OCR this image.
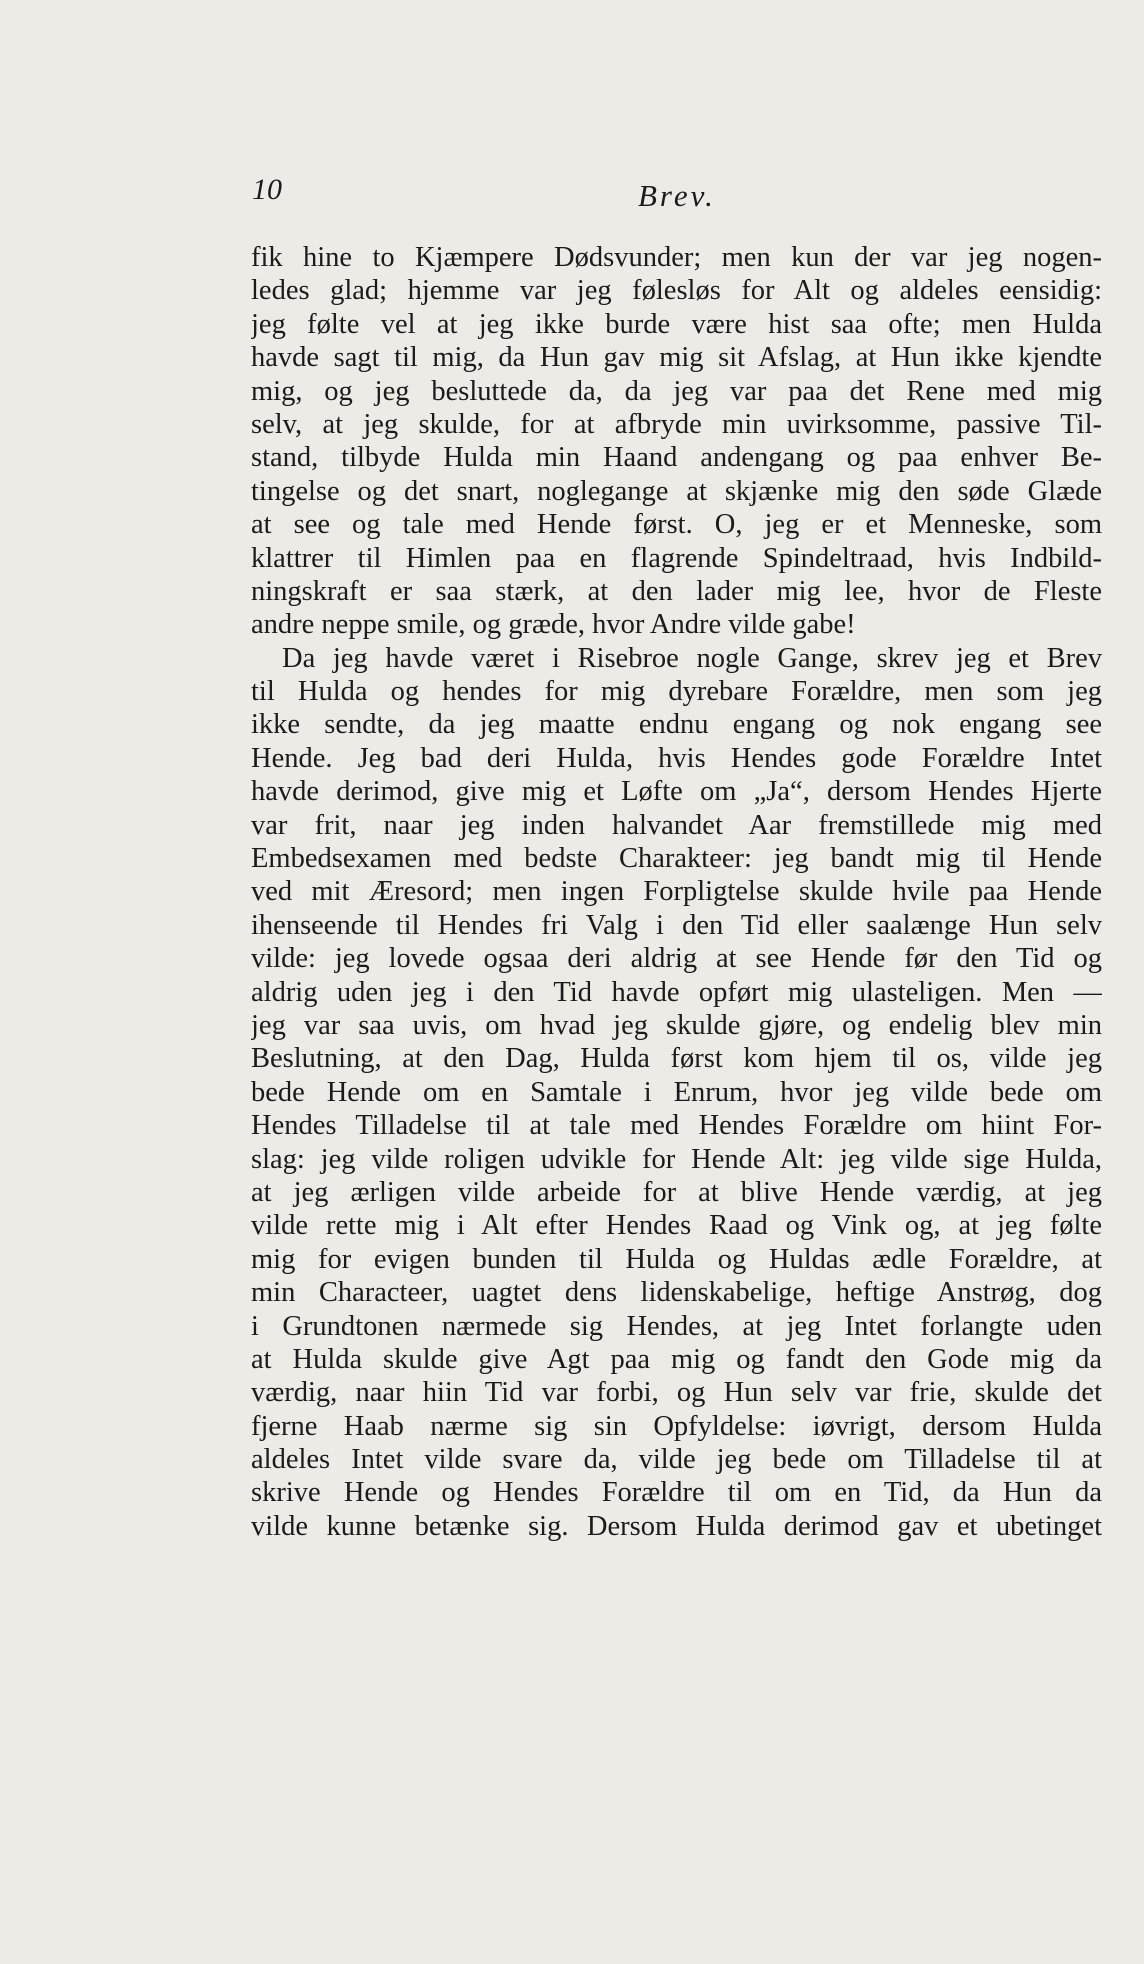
10	Brev.
fik hine to Kjæmpere Dødsvunder; men kun der var jeg nogen-
ledes glad; hjemme var jeg følesløs for Alt og aldeles eensidig:
jeg følte vel at jeg ikke burde være hist saa ofte; men Hulda
havde sagt til mig, da Hun gav mig sit Afslag, at Hun ikke kjendte
mig, og jeg besluttede da, da jeg var paa det Rene med mig
selv, at jeg skulde, for at afbryde min uvirksomme, passive Til-
stand, tilbyde Hulda min Haand andengang og paa enhver Be-
tingelse og det snart, noglegange at skjænke mig den søde Glæde
at see og tale med Hende først. O, jeg er et Menneske, som
klattrer til Himlen paa en flagrende Spindeltraad, hvis Indbild-
ningskraft er saa stærk, at den lader mig lee, hvor de Fleste
andre neppe smile, og græde, hvor Andre vilde gabe!
Da jeg havde været i Risebroe nogle Gange, skrev jeg et Brev
til Hulda og hendes for mig dyrebare Forældre, men som jeg
ikke sendte, da jeg maatte endnu engang og nok engang see
Hende. Jeg bad deri Hulda, hvis Hendes gode Forældre Intet
havde derimod, give mig et Løfte om „Ja“, dersom Hendes Hjerte
var frit, naar jeg inden halvandet Aar fremstillede mig med
Embedsexamen med bedste Charakteer: jeg bandt mig til Hende
ved mit Æresord; men ingen Forpligtelse skulde hvile paa Hende
ihenseende til Hendes fri Valg i den Tid eller saalænge Hun selv
vilde: jeg lovede ogsaa deri aldrig at see Hende før den Tid og
aldrig uden jeg i den Tid havde opført mig ulasteligen. Men —
jeg var saa uvis, om hvad jeg skulde gjøre, og endelig blev min
Beslutning, at den Dag, Hulda først kom hjem til os, vilde jeg
bede Hende om en Samtale i Enrum, hvor jeg vilde bede om
Hendes Tilladelse til at tale med Hendes Forældre om hiint For-
slag: jeg vilde roligen udvikle for Hende Alt: jeg vilde sige Hulda,
at jeg ærligen vilde arbeide for at blive Hende værdig, at jeg
vilde rette mig i Alt efter Hendes Raad og Vink og, at jeg følte
mig for evigen bunden til Hulda og Huldas ædle Forældre, at
min Characteer, uagtet dens lidenskabelige, heftige Anstrøg, dog
i Grundtonen nærmede sig Hendes, at jeg Intet forlangte uden
at Hulda skulde give Agt paa mig og fandt den Gode mig da
værdig, naar hiin Tid var forbi, og Hun selv var frie, skulde det
fjerne Haab nærme sig sin Opfyldelse: iøvrigt, dersom Hulda
aldeles Intet vilde svare da, vilde jeg bede om Tilladelse til at
skrive Hende og Hendes Forældre til om en Tid, da Hun da
vilde kunne betænke sig. Dersom Hulda derimod gav et ubetinget
